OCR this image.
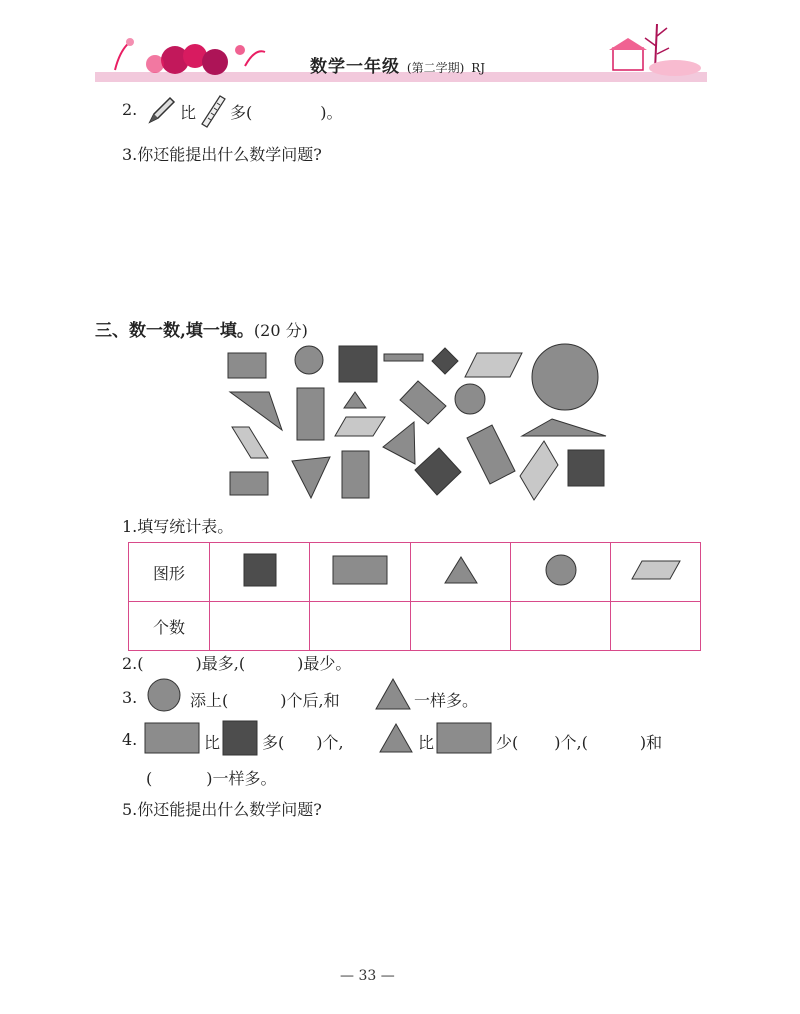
数学一年级 (第二学期) RJ
2.	比 多(	)。
3.你还能提出什么数学问题?
三、数一数,填一填。(20 分)
1.填写统计表。
图形					
个数					
2.(	)最多,(	)最少。
3.	添上(	)个后,和	一样多。
4.	比	多( )个,	比	少( )个,(	)和
(	)一样多。
5.你还能提出什么数学问题?
— 33 —
